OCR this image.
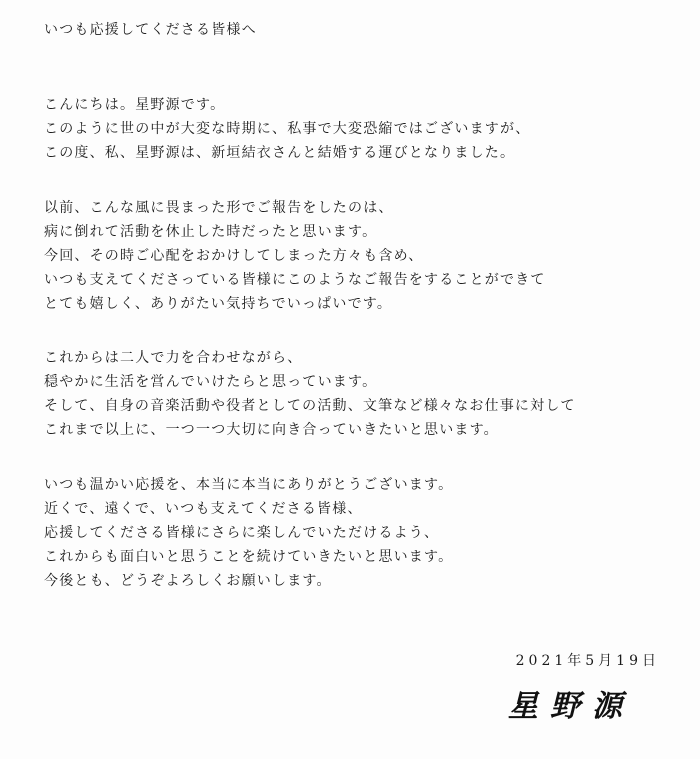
いつも応援してくださる皆様へ
こんにちは。星野源です。
このように世の中が大変な時期に、私事で大変恐縮ではございますが、
この度、私、星野源は、新垣結衣さんと結婚する運びとなりました。
以前、こんな風に畏まった形でご報告をしたのは、
病に倒れて活動を休止した時だったと思います。
今回、その時ご心配をおかけしてしまった方々も含め、
いつも支えてくださっている皆様にこのようなご報告をすることができて
とても嬉しく、ありがたい気持ちでいっぱいです。
これからは二人で力を合わせながら、
穏やかに生活を営んでいけたらと思っています。
そして、自身の音楽活動や役者としての活動、文筆など様々なお仕事に対して
これまで以上に、一つ一つ大切に向き合っていきたいと思います。
いつも温かい応援を、本当に本当にありがとうございます。
近くで、遠くで、いつも支えてくださる皆様、
応援してくださる皆様にさらに楽しんでいただけるよう、
これからも面白いと思うことを続けていきたいと思います。
今後とも、どうぞよろしくお願いします。
2021年5月19日
星野源
